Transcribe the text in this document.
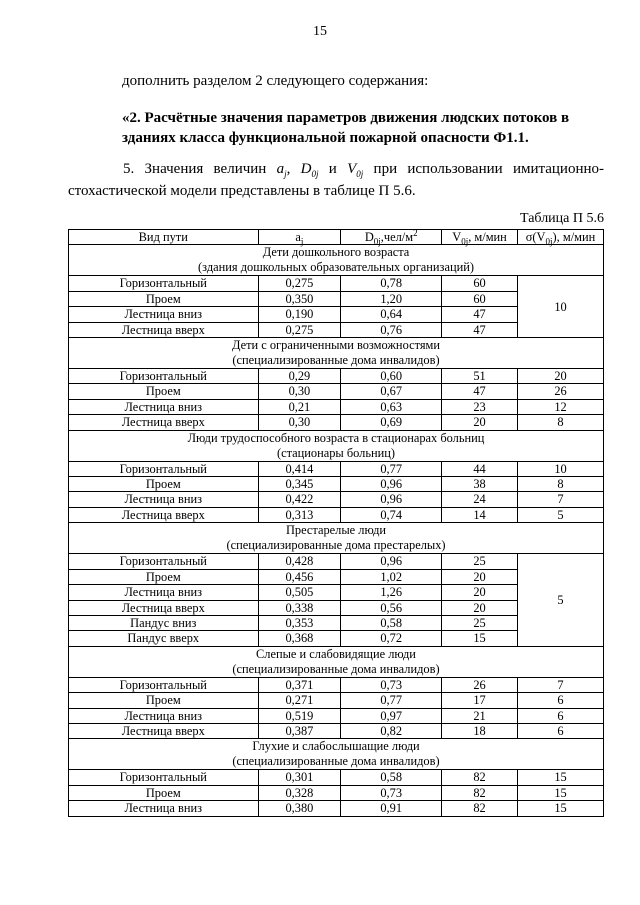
15
дополнить разделом 2 следующего содержания:
«2. Расчётные значения параметров движения людских потоков в зданиях класса функциональной пожарной опасности Ф1.1.
5. Значения величин $a_j$, $D_{0j}$ и $V_{0j}$ при использовании имитационно-стохастической модели представлены в таблице П 5.6.
Таблица П 5.6
Вид пути	$a_j$	$D_{0j},чел/м^2$	$V_{0j}$, м/мин	$\sigma(V_{0j})$, м/мин

Дети дошкольного возраста
(здания дошкольных образовательных организаций)				

Горизонтальный	0,275	0,78	60	10
Проем	0,350	1,20	60	
Лестница вниз	0,190	0,64	47	
Лестница вверх	0,275	0,76	47	

Дети с ограниченными возможностями
(специализированные дома инвалидов)				

Горизонтальный	0,29	0,60	51	20
Проем	0,30	0,67	47	26
Лестница вниз	0,21	0,63	23	12
Лестница вверх	0,30	0,69	20	8

Люди трудоспособного возраста в стационарах больниц
(стационары больниц)				

Горизонтальный	0,414	0,77	44	10
Проем	0,345	0,96	38	8
Лестница вниз	0,422	0,96	24	7
Лестница вверх	0,313	0,74	14	5

Престарелые люди
(специализированные дома престарелых)				

Горизонтальный	0,428	0,96	25	5
Проем	0,456	1,02	20	
Лестница вниз	0,505	1,26	20	
Лестница вверх	0,338	0,56	20	
Пандус вниз	0,353	0,58	25	
Пандус вверх	0,368	0,72	15	

Слепые и слабовидящие люди
(специализированные дома инвалидов)				

Горизонтальный	0,371	0,73	26	7
Проем	0,271	0,77	17	6
Лестница вниз	0,519	0,97	21	6
Лестница вверх	0,387	0,82	18	6

Глухие и слабослышащие люди
(специализированные дома инвалидов)				

Горизонтальный	0,301	0,58	82	15
Проем	0,328	0,73	82	15
Лестница вниз	0,380	0,91	82	15
